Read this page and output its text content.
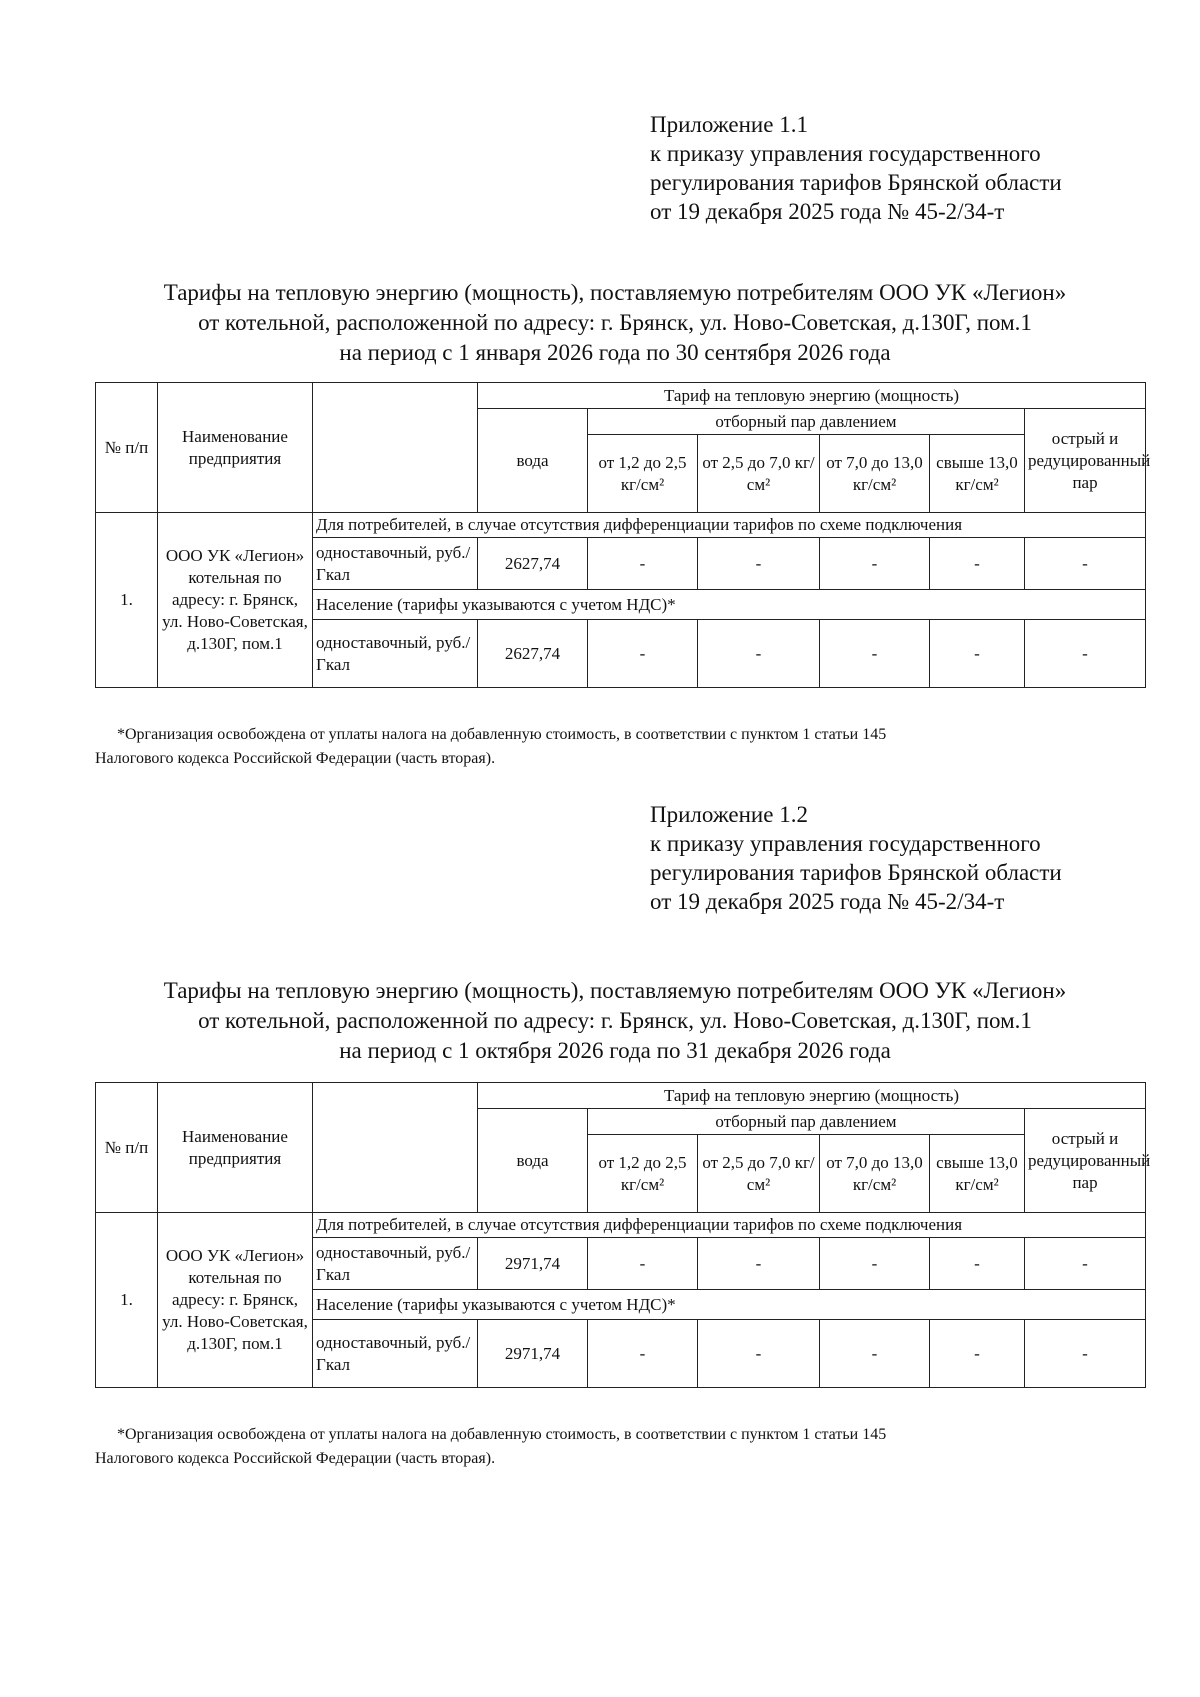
Приложение 1.1
к приказу управления государственного
регулирования тарифов Брянской области
от 19 декабря 2025 года № 45-2/34-т
Тарифы на тепловую энергию (мощность), поставляемую потребителям ООО УК «Легион»
от котельной, расположенной по адресу: г. Брянск, ул. Ново-Советская, д.130Г, пом.1
на период с 1 января 2026 года по 30 сентября 2026 года
№ п/п	Наименование предприятия		Тариф на тепловую энергию (мощность)					
			вода	отборный пар давлением				острый и редуцированный пар
				от 1,2 до 2,5 кг/см²	от 2,5 до 7,0 кг/см²	от 7,0 до 13,0 кг/см²	свыше 13,0 кг/см²	
1.	ООО УК «Легион» котельная по адресу: г. Брянск, ул. Ново-Советская, д.130Г, пом.1	Для потребителей, в случае отсутствия дифференциации тарифов по схеме подключения						
		одноставочный, руб./Гкал	2627,74	-	-	-	-	-
		Население (тарифы указываются с учетом НДС)*						
		одноставочный, руб./Гкал	2627,74	-	-	-	-	-
*Организация освобождена от уплаты налога на добавленную стоимость, в соответствии с пунктом 1 статьи 145
Налогового кодекса Российской Федерации (часть вторая).
Приложение 1.2
к приказу управления государственного
регулирования тарифов Брянской области
от 19 декабря 2025 года № 45-2/34-т
Тарифы на тепловую энергию (мощность), поставляемую потребителям ООО УК «Легион»
от котельной, расположенной по адресу: г. Брянск, ул. Ново-Советская, д.130Г, пом.1
на период с 1 октября 2026 года по 31 декабря 2026 года
№ п/п	Наименование предприятия		Тариф на тепловую энергию (мощность)					
			вода	отборный пар давлением				острый и редуцированный пар
				от 1,2 до 2,5 кг/см²	от 2,5 до 7,0 кг/см²	от 7,0 до 13,0 кг/см²	свыше 13,0 кг/см²	
1.	ООО УК «Легион» котельная по адресу: г. Брянск, ул. Ново-Советская, д.130Г, пом.1	Для потребителей, в случае отсутствия дифференциации тарифов по схеме подключения						
		одноставочный, руб./Гкал	2971,74	-	-	-	-	-
		Население (тарифы указываются с учетом НДС)*						
		одноставочный, руб./Гкал	2971,74	-	-	-	-	-
*Организация освобождена от уплаты налога на добавленную стоимость, в соответствии с пунктом 1 статьи 145
Налогового кодекса Российской Федерации (часть вторая).
